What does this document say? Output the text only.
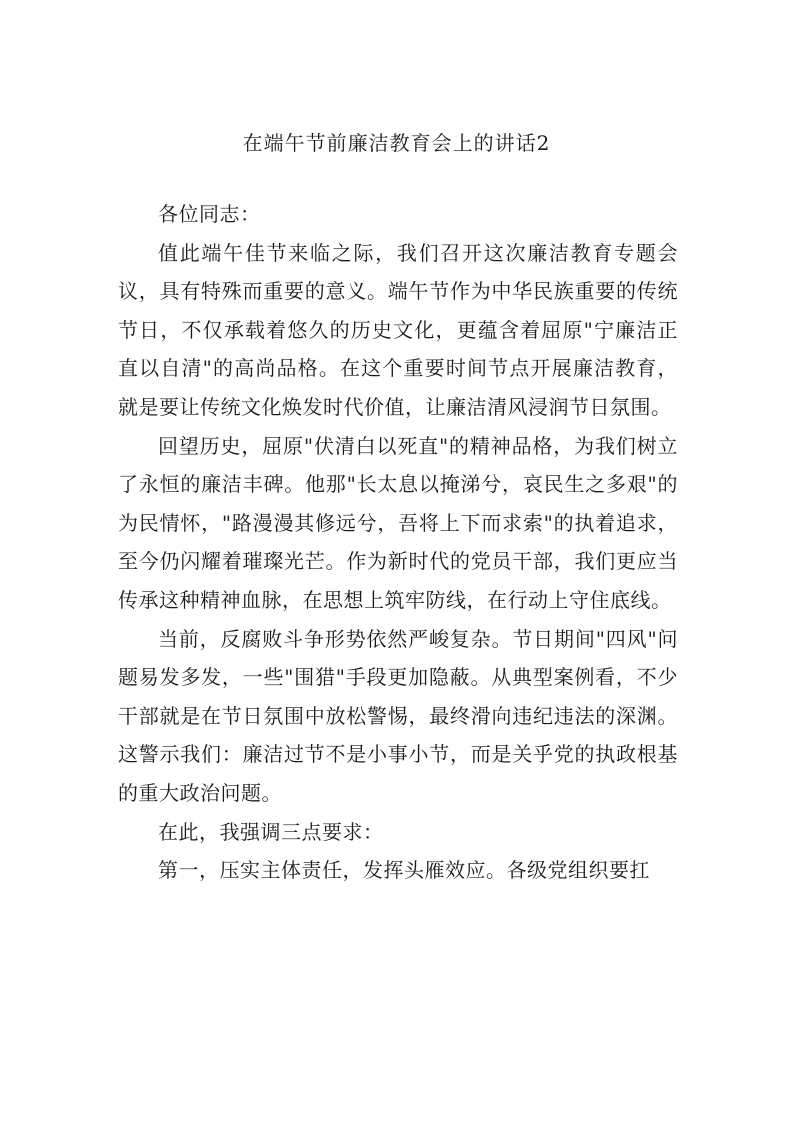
在端午节前廉洁教育会上的讲话2

各位同志：

值此端午佳节来临之际，我们召开这次廉洁教育专题会议，具有特殊而重要的意义。端午节作为中华民族重要的传统节日，不仅承载着悠久的历史文化，更蕴含着屈原"宁廉洁正直以自清"的高尚品格。在这个重要时间节点开展廉洁教育，就是要让传统文化焕发时代价值，让廉洁清风浸润节日氛围。

回望历史，屈原"伏清白以死直"的精神品格，为我们树立了永恒的廉洁丰碑。他那"长太息以掩涕兮，哀民生之多艰"的为民情怀，"路漫漫其修远兮，吾将上下而求索"的执着追求，至今仍闪耀着璀璨光芒。作为新时代的党员干部，我们更应当传承这种精神血脉，在思想上筑牢防线，在行动上守住底线。

当前，反腐败斗争形势依然严峻复杂。节日期间"四风"问题易发多发，一些"围猎"手段更加隐蔽。从典型案例看，不少干部就是在节日氛围中放松警惕，最终滑向违纪违法的深渊。这警示我们：廉洁过节不是小事小节，而是关乎党的执政根基的重大政治问题。

在此，我强调三点要求：

第一，压实主体责任，发挥头雁效应。各级党组织要扛
